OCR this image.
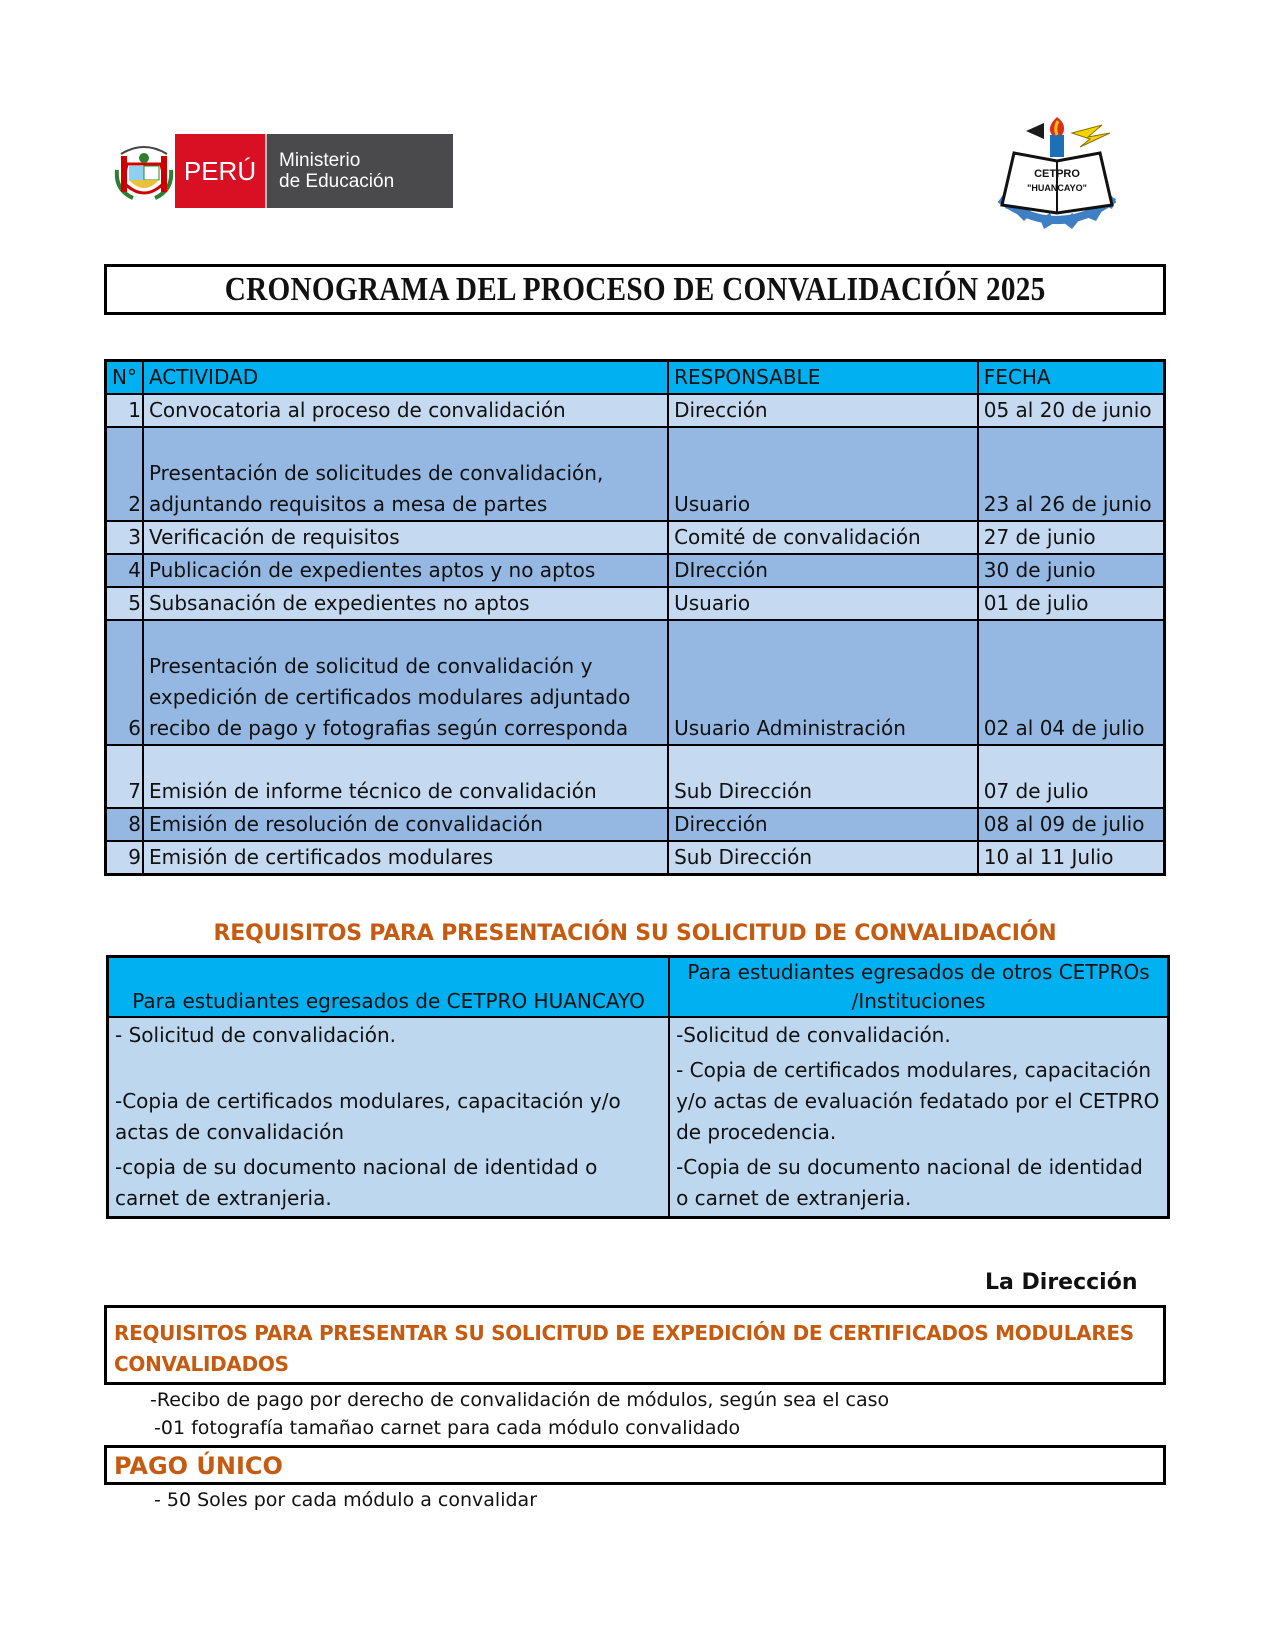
PERÚ	Ministerio
de Educación	CETPRO
"HUANCAYO"
CRONOGRAMA DEL PROCESO DE CONVALIDACIÓN 2025
N°	ACTIVIDAD	RESPONSABLE	FECHA
1	Convocatoria al proceso de convalidación	Dirección	05 al 20 de junio
2	Presentación de solicitudes de convalidación,
adjuntando requisitos a mesa de partes	Usuario	23 al 26 de junio
3	Verificación de requisitos	Comité de convalidación	27 de junio
4	Publicación de expedientes aptos y no aptos	DIrección	30 de junio
5	Subsanación de expedientes no aptos	Usuario	01 de julio
6	Presentación de solicitud de convalidación y
expedición de certificados modulares adjuntado
recibo de pago y fotografias según corresponda	Usuario Administración	02 al 04 de julio
7	Emisión de informe técnico de convalidación	Sub Dirección	07 de julio
8	Emisión de resolución de convalidación	Dirección	08 al 09 de julio
9	Emisión de certificados modulares	Sub Dirección	10 al 11 Julio
REQUISITOS PARA PRESENTACIÓN SU SOLICITUD DE CONVALIDACIÓN
Para estudiantes egresados de CETPRO HUANCAYO	Para estudiantes egresados de otros CETPROs
/Instituciones

- Solicitud de convalidación.	-Solicitud de convalidación.
-Copia de certificados modulares, capacitación y/o actas de convalidación	- Copia de certificados modulares, capacitación y/o actas de evaluación fedatado por el CETPRO de procedencia.
-copia de su documento nacional de identidad o carnet de extranjeria.	-Copia de su documento nacional de identidad o carnet de extranjeria.
La Dirección
REQUISITOS PARA PRESENTAR SU SOLICITUD DE EXPEDICIÓN DE CERTIFICADOS MODULARES CONVALIDADOS
-Recibo de pago por derecho de convalidación de módulos, según sea el caso
-01 fotografía tamañao carnet para cada módulo convalidado
PAGO ÚNICO
- 50 Soles por cada módulo a convalidar
